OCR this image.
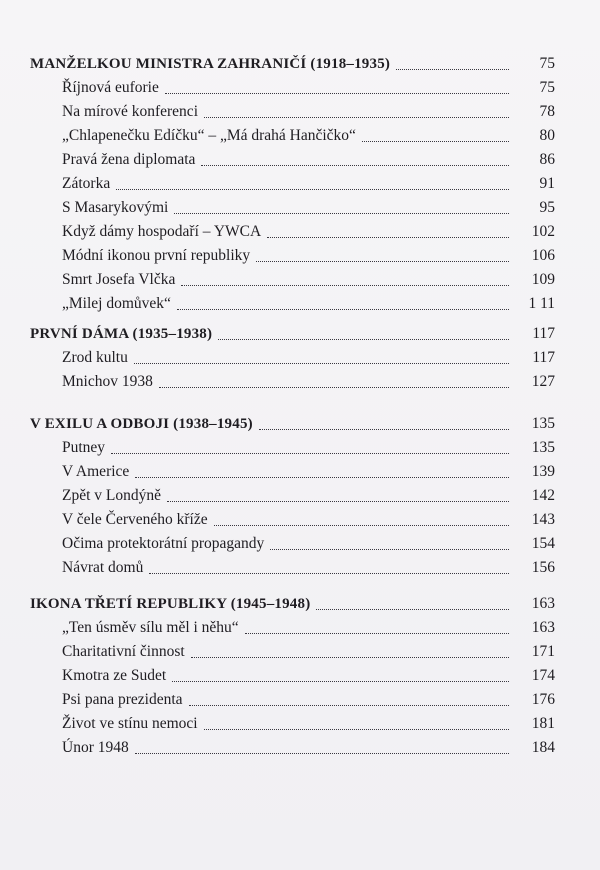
MANŽELKOU MINISTRA ZAHRANIČÍ (1918–1935)	75
Říjnová euforie	75
Na mírové konferenci	78
„Chlapenečku Edíčku“ – „Má drahá Hančičko“	80
Pravá žena diplomata	86
Zátorka	91
S Masarykovými	95
Když dámy hospodaří – YWCA	102
Módní ikonou první republiky	106
Smrt Josefa Vlčka	109
„Milej domůvek“	1 11
PRVNÍ DÁMA (1935–1938)	117
Zrod kultu	117
Mnichov 1938	127
V EXILU A ODBOJI (1938–1945)	135
Putney	135
V Americe	139
Zpět v Londýně	142
V čele Červeného kříže	143
Očima protektorátní propagandy	154
Návrat domů	156
IKONA TŘETÍ REPUBLIKY (1945–1948)	163
„Ten úsměv sílu měl i něhu“	163
Charitativní činnost	171
Kmotra ze Sudet	174
Psi pana prezidenta	176
Život ve stínu nemoci	181
Únor 1948	184
